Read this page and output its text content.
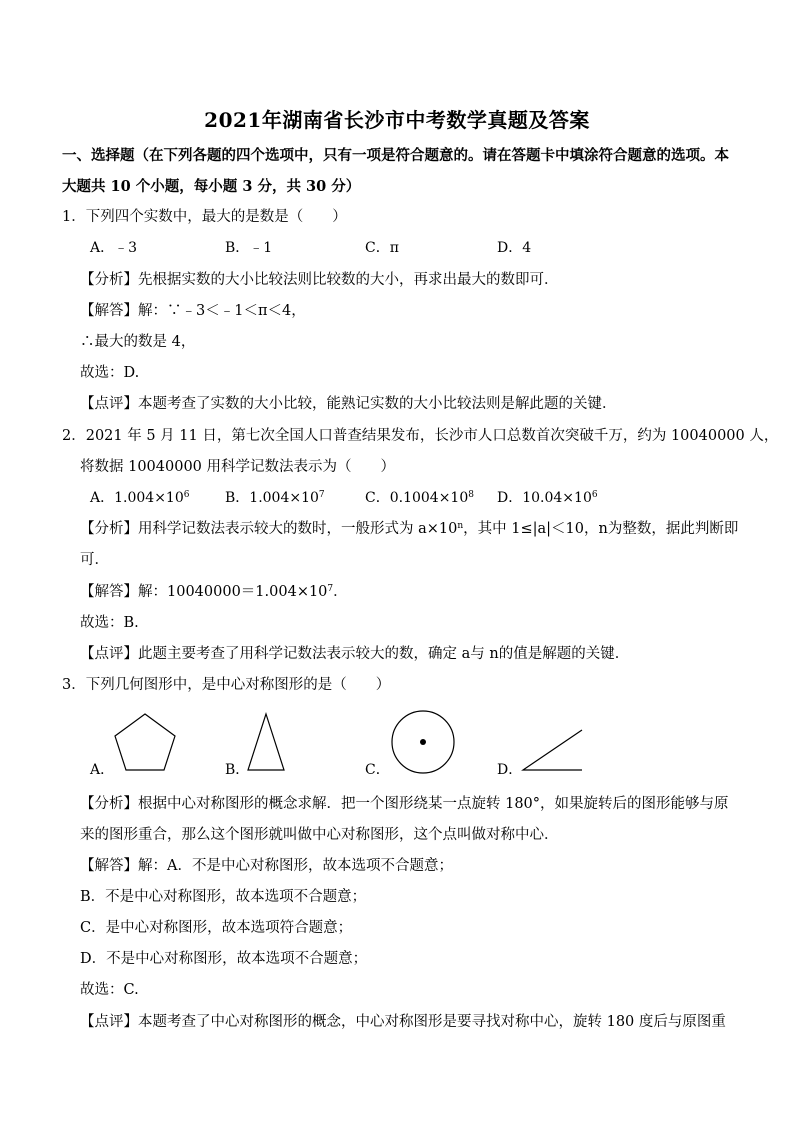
2021年湖南省长沙市中考数学真题及答案
一、选择题（在下列各题的四个选项中，只有一项是符合题意的。请在答题卡中填涂符合题意的选项。本
大题共 10 个小题，每小题 3 分，共 30 分）
1．下列四个实数中，最大的是数是（　　）
A．﹣3	B．﹣1	C．π	D．4
【分析】先根据实数的大小比较法则比较数的大小，再求出最大的数即可．
【解答】解：∵﹣3＜﹣1＜π＜4，
∴最大的数是 4，
故选：D.
【点评】本题考查了实数的大小比较，能熟记实数的大小比较法则是解此题的关键．
2．2021 年 5 月 11 日，第七次全国人口普查结果发布，长沙市人口总数首次突破千万，约为 10040000 人，
将数据 10040000 用科学记数法表示为（　　）
A．$1.004\times 10^6$	B．$1.004\times 10^7$	C．$0.1004\times 10^8$ D．$10.04\times 10^6$
【分析】用科学记数法表示较大的数时，一般形式为 $a\times 10^n$，其中 1≤|a|＜10，n为整数，据此判断即
可．
【解答】解：$10040000=1.004\times 10^7$．
故选：B.
【点评】此题主要考查了用科学记数法表示较大的数，确定 a与 n的值是解题的关键．
3．下列几何图形中，是中心对称图形的是（　　）
A．	B．	C．	D．
【分析】根据中心对称图形的概念求解．把一个图形绕某一点旋转 180°，如果旋转后的图形能够与原
来的图形重合，那么这个图形就叫做中心对称图形，这个点叫做对称中心．
【解答】解：A．不是中心对称图形，故本选项不合题意；
B．不是中心对称图形，故本选项不合题意；
C．是中心对称图形，故本选项符合题意；
D．不是中心对称图形，故本选项不合题意；
故选：C.
【点评】本题考查了中心对称图形的概念，中心对称图形是要寻找对称中心，旋转 180 度后与原图重
